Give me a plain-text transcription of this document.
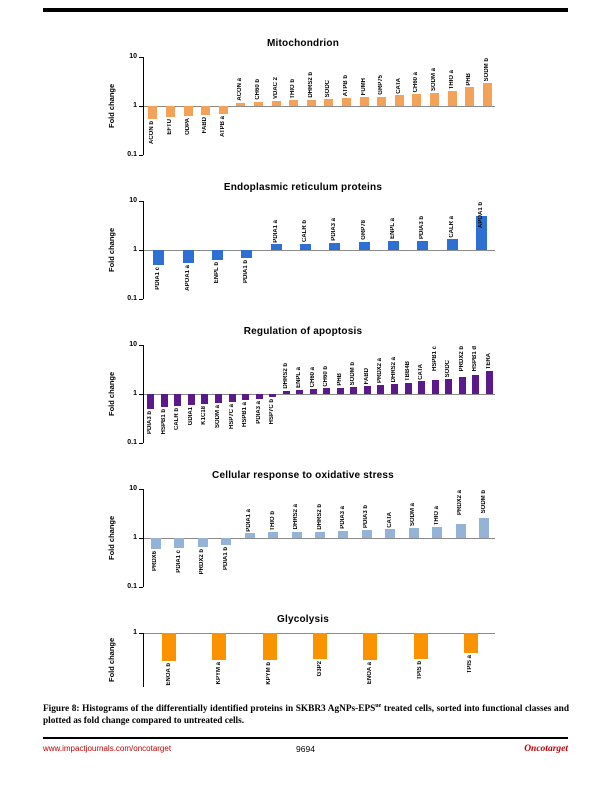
Mitochondrion
Fold change
10
1
0.1
ACON b EFTU ODPA FABD ATPB a
ACON a CH60 b VDAC 2 THIO b DHRS2 b SODC ATPB b FUMH GRP75 CATA CH60 a SODM a THIO a PHB SODM b
Endoplasmic reticulum proteins
Fold change
10
1
0.1
PDIA1 c	APOA1 a	ENPL b	PDIA1 b
PDIA1 a	CALR b	PDIA3 a	GRP78	ENPL a	PDIA3 b	CALR a	APOA1 b
Regulation of apoptosis
Fold change
10
1
0.1
PDIA3 b HSPB1 b CALR b GDIA1 K1C18 SODM a HSP7C a HSPB1 a PDIA3 a HSP7C b
DHRS2 b ENPL a CH60 a CH60 b PHB SODM b FABD PRDX2 a DHRS2 a TBB4B CATA
HSPB1 c SODC PRDX2 b HSPB1 d TERA
Cellular response to oxidative stress
Fold change
10
1
0.1
PRDX6	PDIA1 c	PRDX2 b	PDIA1 b
PDIA1 a	THIO b	DHRS2 a	DHRS2 b	PDIA3 a	PDIA3 b	CATA	SODM a	THIO a
PRDX2 a	SODM b
Glycolysis
Fold change
1
ENOA b	KPYM a	KPYM b	G3P2	ENOA a	TPIS b	TPIS a

Figure 8: Histograms of the differentially identified proteins in SKBR3 AgNPs-$EPS^{ue}$ treated cells, sorted into functional classes and plotted as fold change compared to untreated cells.

www.impactjournals.com/oncotarget	9694	Oncotarget
